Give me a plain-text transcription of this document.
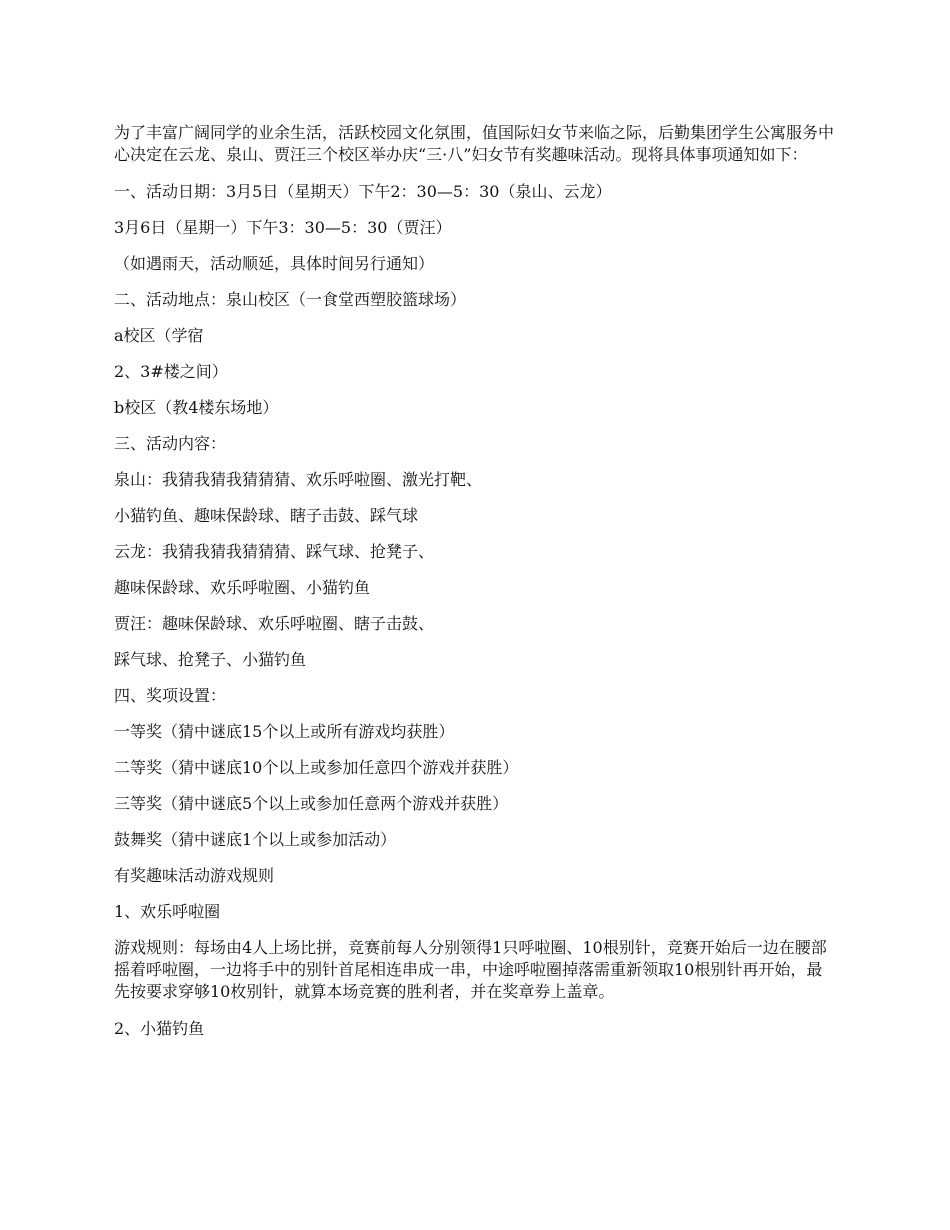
为了丰富广阔同学的业余生活，活跃校园文化氛围，值国际妇女节来临之际，后勤集团学生公寓服务中心决定在云龙、泉山、贾汪三个校区举办庆“三·八”妇女节有奖趣味活动。现将具体事项通知如下：

一、活动日期：3月5日（星期天）下午2：30—5：30（泉山、云龙）

3月6日（星期一）下午3：30—5：30（贾汪）

（如遇雨天，活动顺延，具体时间另行通知）

二、活动地点：泉山校区（一食堂西塑胶篮球场）

a校区（学宿

2、3#楼之间）

b校区（教4楼东场地）

三、活动内容：

泉山：我猜我猜我猜猜猜、欢乐呼啦圈、激光打靶、

小猫钓鱼、趣味保龄球、瞎子击鼓、踩气球

云龙：我猜我猜我猜猜猜、踩气球、抢凳子、

趣味保龄球、欢乐呼啦圈、小猫钓鱼

贾汪：趣味保龄球、欢乐呼啦圈、瞎子击鼓、

踩气球、抢凳子、小猫钓鱼

四、奖项设置：

一等奖（猜中谜底15个以上或所有游戏均获胜）

二等奖（猜中谜底10个以上或参加任意四个游戏并获胜）

三等奖（猜中谜底5个以上或参加任意两个游戏并获胜）

鼓舞奖（猜中谜底1个以上或参加活动）

有奖趣味活动游戏规则

1、欢乐呼啦圈

游戏规则：每场由4人上场比拼，竞赛前每人分别领得1只呼啦圈、10根别针，竞赛开始后一边在腰部摇着呼啦圈，一边将手中的别针首尾相连串成一串，中途呼啦圈掉落需重新领取10根别针再开始，最先按要求穿够10枚别针，就算本场竞赛的胜利者，并在奖章券上盖章。

2、小猫钓鱼
